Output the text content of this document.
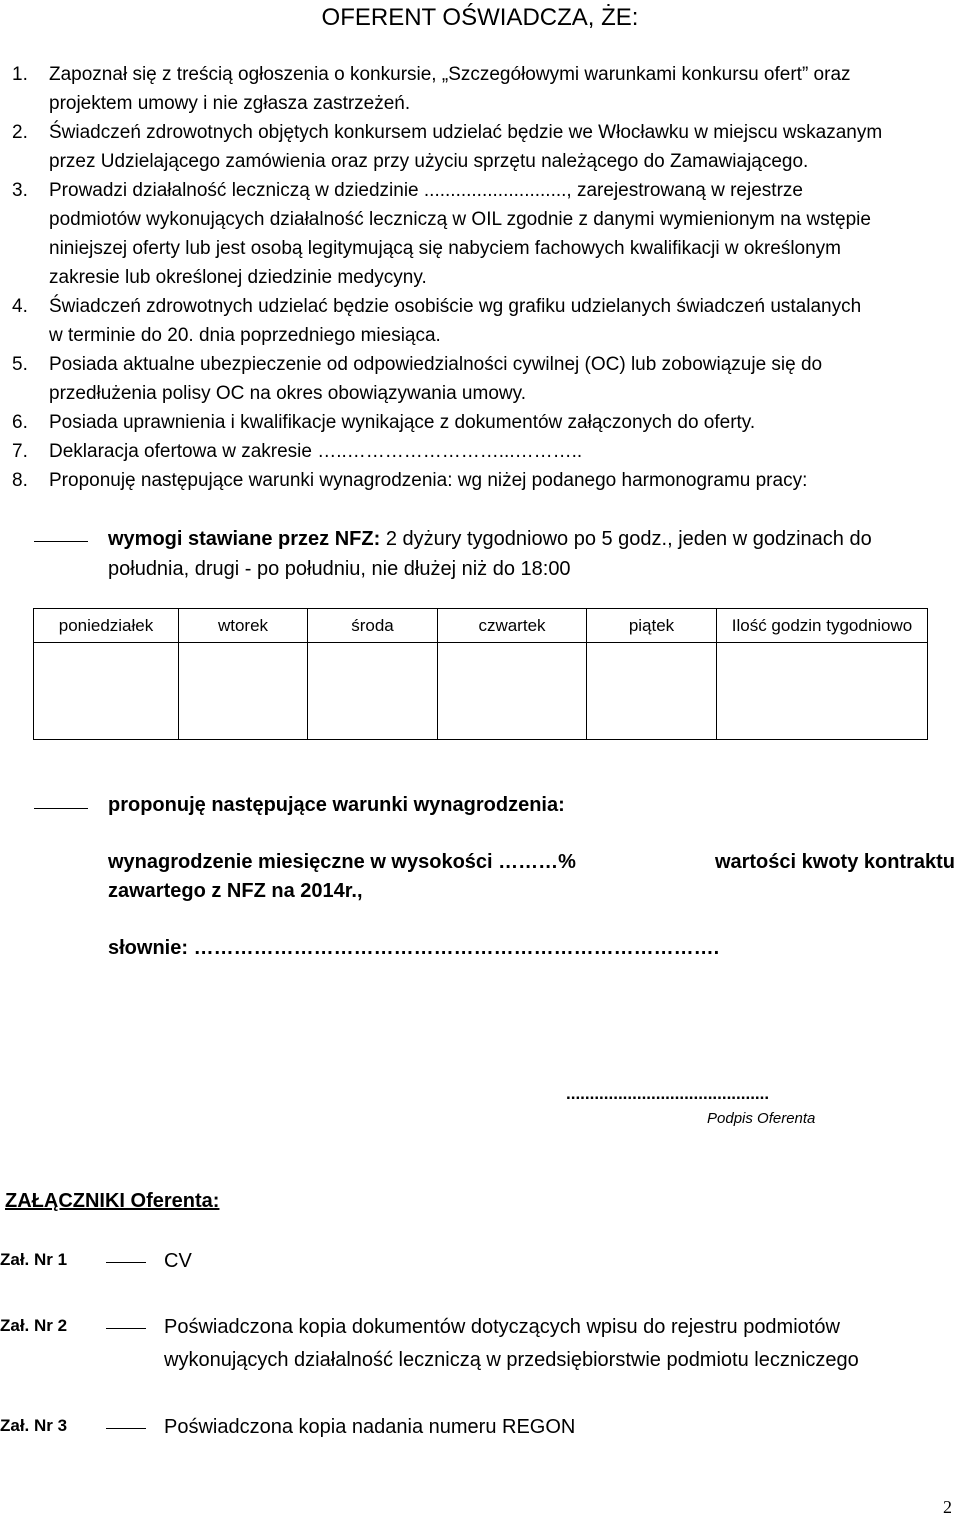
OFERENT OŚWIADCZA, ŻE:
1.	Zapoznał się z treścią ogłoszenia o konkursie, „Szczegółowymi warunkami konkursu ofert” oraz
projektem umowy i nie zgłasza zastrzeżeń.
2.	Świadczeń zdrowotnych objętych konkursem udzielać będzie we Włocławku w miejscu wskazanym
przez Udzielającego zamówienia oraz przy użyciu sprzętu należącego do Zamawiającego.
3.	Prowadzi działalność leczniczą w dziedzinie ..........................., zarejestrowaną w rejestrze
podmiotów wykonujących działalność leczniczą w OIL zgodnie z danymi wymienionym na wstępie
niniejszej oferty lub jest osobą legitymującą się nabyciem fachowych kwalifikacji w określonym
zakresie lub określonej dziedzinie medycyny.
4.	Świadczeń zdrowotnych udzielać będzie osobiście wg grafiku udzielanych świadczeń ustalanych
w terminie do 20. dnia poprzedniego miesiąca.
5.	Posiada aktualne ubezpieczenie od odpowiedzialności cywilnej (OC) lub zobowiązuje się do
przedłużenia polisy OC na okres obowiązywania umowy.
6.	Posiada uprawnienia i kwalifikacje wynikające z dokumentów załączonych do oferty.
7.	Deklaracja ofertowa w zakresie …..……………………...………..
8.	Proponuję następujące warunki wynagrodzenia: wg niżej podanego harmonogramu pracy:
wymogi stawiane przez NFZ: 2 dyżury tygodniowo po 5 godz., jeden w godzinach do
południa, drugi - po południu, nie dłużej niż do 18:00
poniedziałek	wtorek	środa	czwartek	piątek	Ilość godzin tygodniowo

proponuję następujące warunki wynagrodzenia:
wynagrodzenie miesięczne w wysokości ………%	wartości kwoty kontraktu
zawartego z NFZ na 2014r.,
słownie: …………………………………………………………………….
...........................................
Podpis Oferenta
ZAŁĄCZNIKI Oferenta:
Zał. Nr 1	CV
Zał. Nr 2	Poświadczona kopia dokumentów dotyczących wpisu do rejestru podmiotów
wykonujących działalność leczniczą w przedsiębiorstwie podmiotu leczniczego
Zał. Nr 3	Poświadczona kopia nadania numeru REGON
2
